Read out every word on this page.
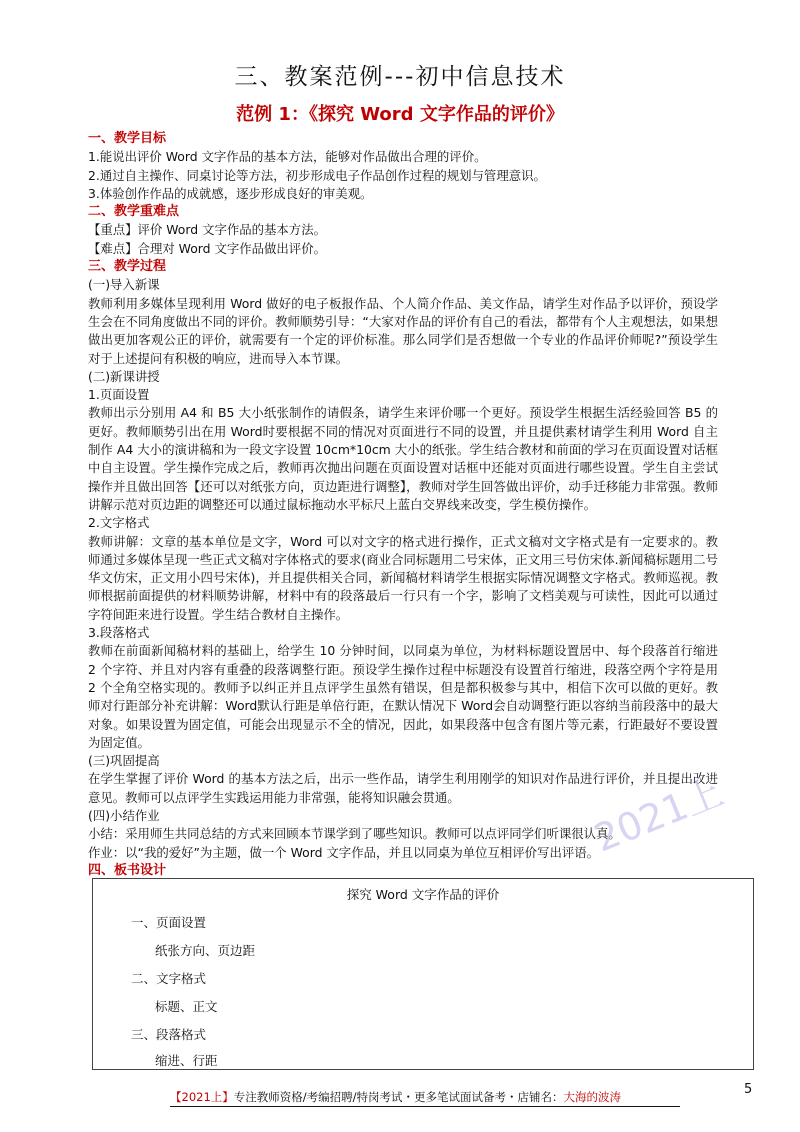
三、教案范例---初中信息技术
范例 1：《探究 Word 文字作品的评价》

一、教学目标

1.能说出评价 Word 文字作品的基本方法，能够对作品做出合理的评价。

2.通过自主操作、同桌讨论等方法，初步形成电子作品创作过程的规划与管理意识。

3.体验创作作品的成就感，逐步形成良好的审美观。

二、教学重难点

【重点】评价 Word 文字作品的基本方法。

【难点】合理对 Word 文字作品做出评价。

三、教学过程

(一)导入新课

教师利用多媒体呈现利用 Word 做好的电子板报作品、个人简介作品、美文作品，请学生对作品予以评价，预设学生会在不同角度做出不同的评价。教师顺势引导：“大家对作品的评价有自己的看法，都带有个人主观想法，如果想做出更加客观公正的评价，就需要有一个定的评价标准。那么同学们是否想做一个专业的作品评价师呢?”预设学生对于上述提问有积极的响应，进而导入本节课。

(二)新课讲授

1.页面设置

教师出示分别用 A4 和 B5 大小纸张制作的请假条，请学生来评价哪一个更好。预设学生根据生活经验回答 B5 的更好。教师顺势引出在用 Word时要根据不同的情况对页面进行不同的设置，并且提供素材请学生利用 Word 自主制作 A4 大小的演讲稿和为一段文字设置 10cm*10cm 大小的纸张。学生结合教材和前面的学习在页面设置对话框中自主设置。学生操作完成之后，教师再次抛出问题在页面设置对话框中还能对页面进行哪些设置。学生自主尝试操作并且做出回答【还可以对纸张方向，页边距进行调整】，教师对学生回答做出评价，动手迁移能力非常强。教师讲解示范对页边距的调整还可以通过鼠标拖动水平标尺上蓝白交界线来改变，学生模仿操作。

2.文字格式

教师讲解：文章的基本单位是文字，Word 可以对文字的格式进行操作，正式文稿对文字格式是有一定要求的。教师通过多媒体呈现一些正式文稿对字体格式的要求(商业合同标题用二号宋体，正文用三号仿宋体.新闻稿标题用二号华文仿宋，正文用小四号宋体)，并且提供相关合同，新闻稿材料请学生根据实际情况调整文字格式。教师巡视。教师根据前面提供的材料顺势讲解，材料中有的段落最后一行只有一个字，影响了文档美观与可读性，因此可以通过字符间距来进行设置。学生结合教材自主操作。

3.段落格式

教师在前面新闻稿材料的基础上，给学生 10 分钟时间，以同桌为单位，为材料标题设置居中、每个段落首行缩进 2 个字符、并且对内容有重叠的段落调整行距。预设学生操作过程中标题没有设置首行缩进，段落空两个字符是用 2 个全角空格实现的。教师予以纠正并且点评学生虽然有错误，但是都积极参与其中，相信下次可以做的更好。教师对行距部分补充讲解：Word默认行距是单倍行距，在默认情况下 Word会自动调整行距以容纳当前段落中的最大对象。如果设置为固定值，可能会出现显示不全的情况，因此，如果段落中包含有图片等元素，行距最好不要设置为固定值。

(三)巩固提高

在学生掌握了评价 Word 的基本方法之后，出示一些作品，请学生利用刚学的知识对作品进行评价，并且提出改进意见。教师可以点评学生实践运用能力非常强，能将知识融会贯通。

(四)小结作业

小结：采用师生共同总结的方式来回顾本节课学到了哪些知识。教师可以点评同学们听课很认真。

作业：以“我的爱好”为主题，做一个 Word 文字作品，并且以同桌为单位互相评价写出评语。

四、板书设计

探究 Word 文字作品的评价
一、页面设置
纸张方向、页边距
二、文字格式
标题、正文
三、段落格式
缩进、行距
2021上
【2021上】专注教师资格/考编招聘/特岗考试・更多笔试面试备考・店铺名：大海的波涛	5
